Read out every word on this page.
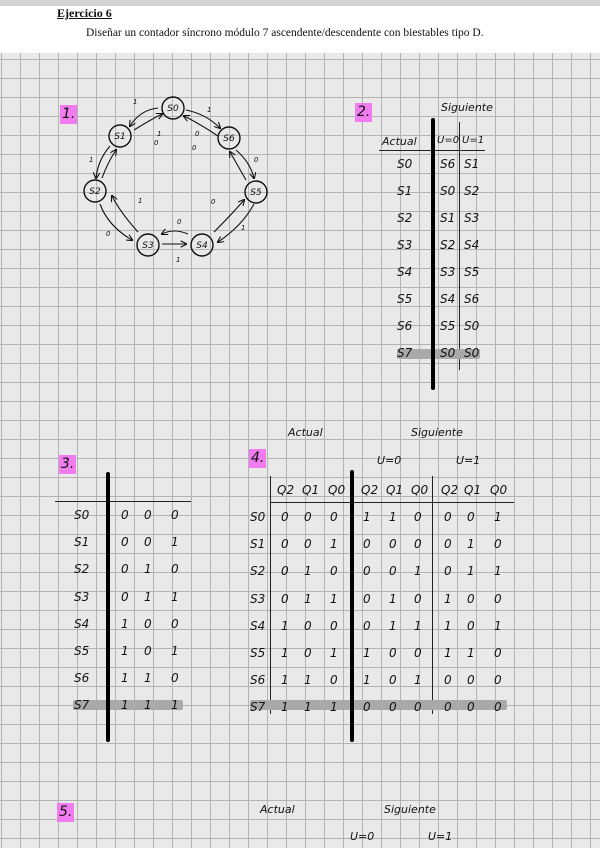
Ejercicio 6
Diseñar un contador síncrono módulo 7 ascendente/descendente con biestables tipo D.
1.	2.
3.	4.
5.
S0
S1
S2
S3	S4
S5
S6
1
1
0
0
1	0
1	0
0
1
0
1
1	0
Siguiente
Actual U=0 U=1
S0 S6 S1
S1 S0 S2
S2 S1 S3
S3 S2 S4
S4 S3 S5
S5 S4 S6
S6 S5 S0
S7 S0 S0
S0	0 0 0
S1	0 0 1
S2	0 1 0
S3	0 1 1
S4	1 0 0
S5	1 0 1
S6	1 1 0
S7	1 1 1
Actual	Siguiente
U=0	U=1
Q2 Q1 Q0 Q2 Q1 Q0 Q2 Q1 Q0
S0 0 0 0 1 1 0 0 0 1
S1 0 0 1 0 0 0 0 1 0
S2 0 1 0 0 0 1 0 1 1
S3 0 1 1 0 1 0 1 0 0
S4 1 0 0 0 1 1 1 0 1
S5 1 0 1 1 0 0 1 1 0
S6 1 1 0 1 0 1 0 0 0
S7 1 1 1 0 0 0 0 0 0
Actual	Siguiente
U=0	U=1
